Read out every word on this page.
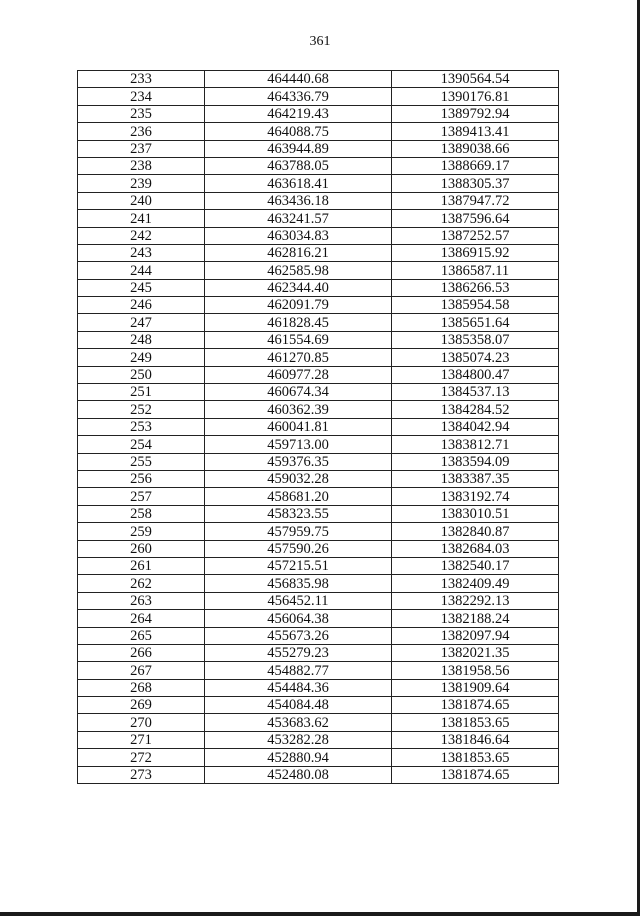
361
233	464440.68	1390564.54
234	464336.79	1390176.81
235	464219.43	1389792.94
236	464088.75	1389413.41
237	463944.89	1389038.66
238	463788.05	1388669.17
239	463618.41	1388305.37
240	463436.18	1387947.72
241	463241.57	1387596.64
242	463034.83	1387252.57
243	462816.21	1386915.92
244	462585.98	1386587.11
245	462344.40	1386266.53
246	462091.79	1385954.58
247	461828.45	1385651.64
248	461554.69	1385358.07
249	461270.85	1385074.23
250	460977.28	1384800.47
251	460674.34	1384537.13
252	460362.39	1384284.52
253	460041.81	1384042.94
254	459713.00	1383812.71
255	459376.35	1383594.09
256	459032.28	1383387.35
257	458681.20	1383192.74
258	458323.55	1383010.51
259	457959.75	1382840.87
260	457590.26	1382684.03
261	457215.51	1382540.17
262	456835.98	1382409.49
263	456452.11	1382292.13
264	456064.38	1382188.24
265	455673.26	1382097.94
266	455279.23	1382021.35
267	454882.77	1381958.56
268	454484.36	1381909.64
269	454084.48	1381874.65
270	453683.62	1381853.65
271	453282.28	1381846.64
272	452880.94	1381853.65
273	452480.08	1381874.65
